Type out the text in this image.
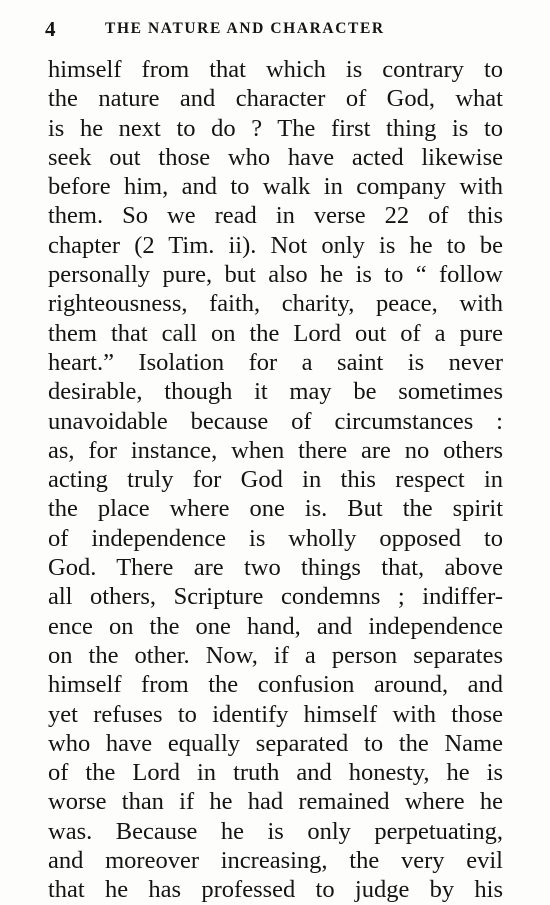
4	THE NATURE AND CHARACTER
himself from that which is contrary to
the nature and character of God, what
is he next to do ? The first thing is to
seek out those who have acted likewise
before him, and to walk in company with
them. So we read in verse 22 of this
chapter (2 Tim. ii). Not only is he to be
personally pure, but also he is to “ follow
righteousness, faith, charity, peace, with
them that call on the Lord out of a pure
heart.” Isolation for a saint is never
desirable, though it may be sometimes
unavoidable because of circumstances :
as, for instance, when there are no others
acting truly for God in this respect in
the place where one is. But the spirit
of independence is wholly opposed to
God. There are two things that, above
all others, Scripture condemns ; indiffer-
ence on the one hand, and independence
on the other. Now, if a person separates
himself from the confusion around, and
yet refuses to identify himself with those
who have equally separated to the Name
of the Lord in truth and honesty, he is
worse than if he had remained where he
was. Because he is only perpetuating,
and moreover increasing, the very evil
that he has professed to judge by his
